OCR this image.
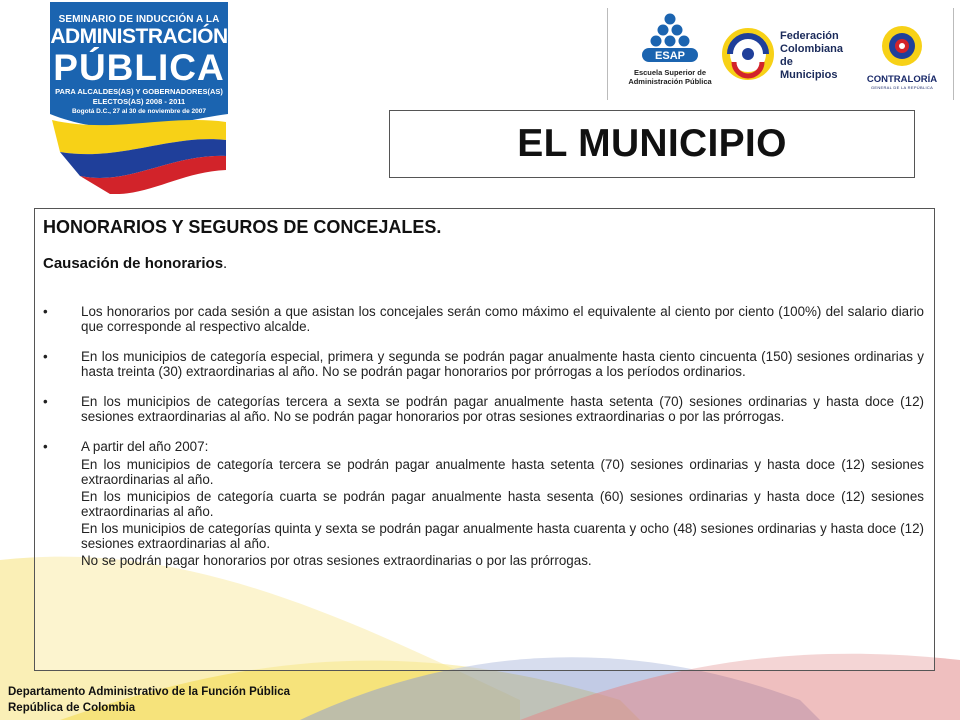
SEMINARIO DE INDUCCIÓN A LA
ADMINISTRACIÓN
PÚBLICA
PARA ALCALDES(AS) Y GOBERNADORES(AS)
ELECTOS(AS) 2008 - 2011
Bogotá D.C., 27 al 30 de noviembre de 2007
ESAP
Escuela Superior de
Administración Pública
Federación
Colombiana
de Municipios	CONTRALORÍA
GENERAL DE LA REPÚBLICA
EL MUNICIPIO
HONORARIOS Y SEGUROS DE CONCEJALES.
Causación de honorarios.
• Los honorarios por cada sesión a que asistan los concejales serán como máximo el equivalente al ciento por ciento (100%) del salario diario que corresponde al respectivo alcalde.
• En los municipios de categoría especial, primera y segunda se podrán pagar anualmente hasta ciento cincuenta (150) sesiones ordinarias y hasta treinta (30) extraordinarias al año. No se podrán pagar honorarios por prórrogas a los períodos ordinarios.
• En los municipios de categorías tercera a sexta se podrán pagar anualmente hasta setenta (70) sesiones ordinarias y hasta doce (12) sesiones extraordinarias al año. No se podrán pagar honorarios por otras sesiones extraordinarias o por las prórrogas.
• A partir del año 2007:
En los municipios de categoría tercera se podrán pagar anualmente hasta setenta (70) sesiones ordinarias y hasta doce (12) sesiones extraordinarias al año.
En los municipios de categoría cuarta se podrán pagar anualmente hasta sesenta (60) sesiones ordinarias y hasta doce (12) sesiones extraordinarias al año.
En los municipios de categorías quinta y sexta se podrán pagar anualmente hasta cuarenta y ocho (48) sesiones ordinarias y hasta doce (12) sesiones extraordinarias al año.
No se podrán pagar honorarios por otras sesiones extraordinarias o por las prórrogas.
Departamento Administrativo de la Función Pública
República de Colombia
